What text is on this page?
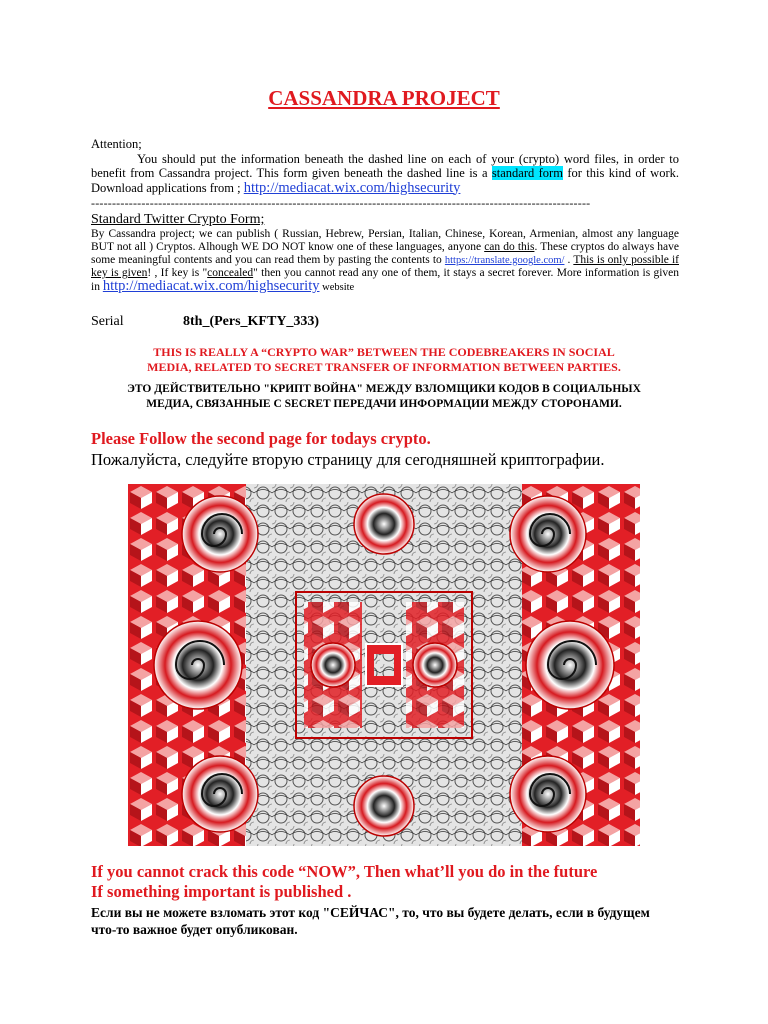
CASSANDRA PROJECT
Attention;

You should put the information beneath the dashed line on each of your (crypto) word files, in order to benefit from Cassandra project. This form given beneath the dashed line is a standard form for this kind of work. Download applications from ; http://mediacat.wix.com/highsecurity

-----------------------------------------------------------------------------------------------------------------------
Standard Twitter Crypto Form;
By Cassandra project; we can publish ( Russian, Hebrew, Persian, Italian, Chinese, Korean, Armenian, almost any language BUT not all ) Cryptos. Alhough WE DO NOT know one of these languages, anyone can do this. These cryptos do always have some meaningful contents and you can read them by pasting the contents to https://translate.google.com/ . This is only possible if key is given! , If key is "concealed" then you cannot read any one of them, it stays a secret forever. More information is given in http://mediacat.wix.com/highsecurity website
Serial	8th_(Pers_KFTY_333)
THIS IS REALLY A “CRYPTO WAR” BETWEEN THE CODEBREAKERS IN SOCIAL MEDIA, RELATED TO SECRET TRANSFER OF INFORMATION BETWEEN PARTIES.
ЭТО ДЕЙСТВИТЕЛЬНО "КРИПТ ВОЙНА" МЕЖДУ ВЗЛОМЩИКИ КОДОВ В СОЦИАЛЬНЫХ МЕДИА, СВЯЗАННЫЕ С SECRET ПЕРЕДАЧИ ИНФОРМАЦИИ МЕЖДУ СТОРОНАМИ.
Please Follow the second page for todays crypto.
Пожалуйста, следуйте вторую страницу для сегодняшней криптографии.
If you cannot crack this code “NOW”, Then what’ll you do in the future
If something important is published .
Если вы не можете взломать этот код "СЕЙЧАС", то, что вы будете делать, если в будущем что-то важное будет опубликован.
